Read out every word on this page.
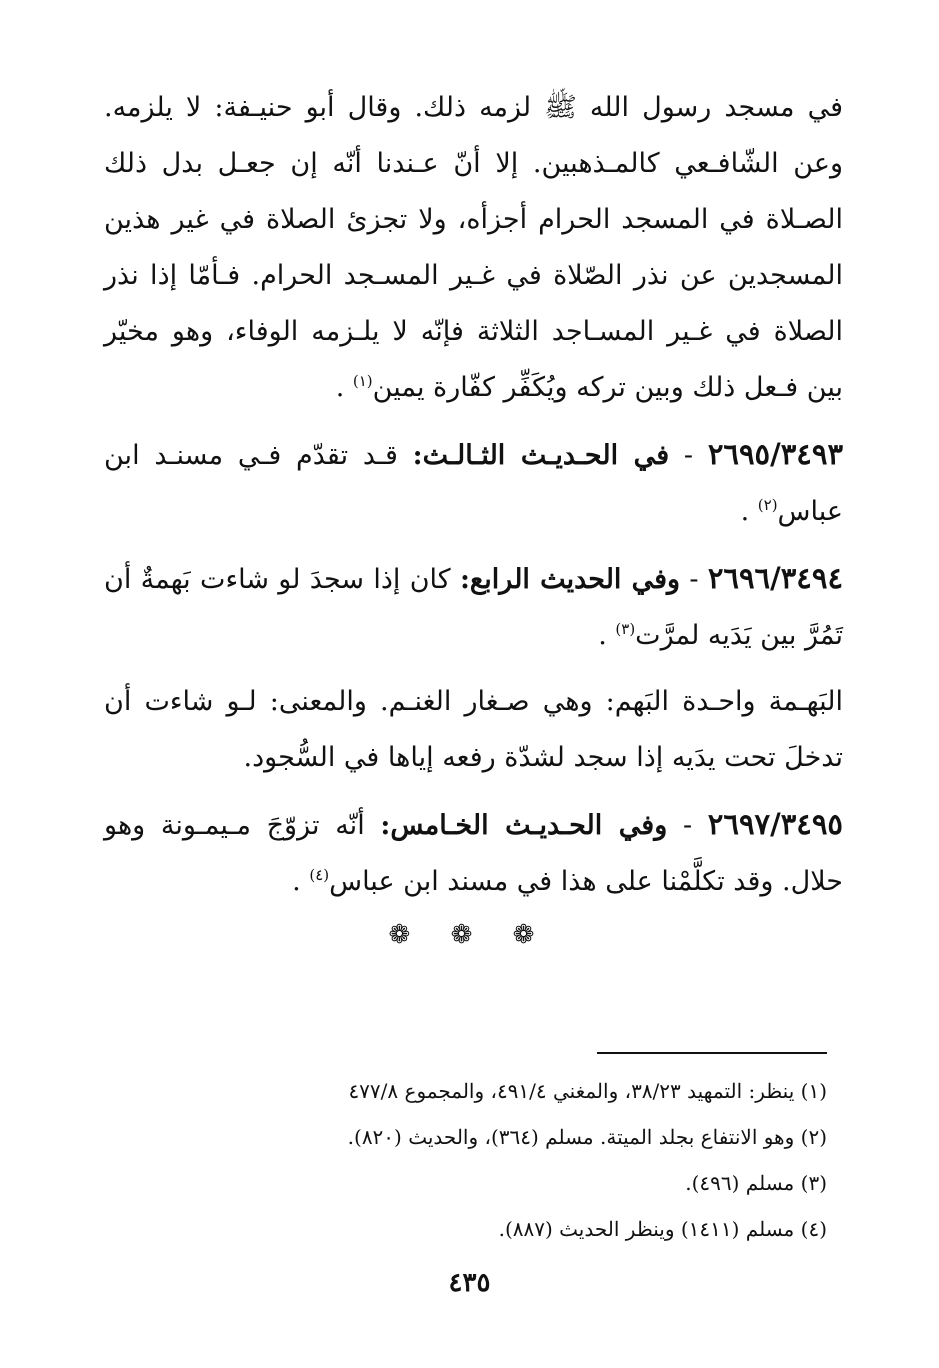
في مسجد رسول الله ﷺ لزمه ذلك. وقال أبو حنيـفة: لا يلزمه. وعن الشّافـعي كالمـذهبين. إلا أنّ عـندنا أنّه إن جعـل بدل ذلك الصـلاة في المسجد الحرام أجزأه، ولا تجزئ الصلاة في غير هذين المسجدين عن نذر الصّلاة في غـير المسـجد الحرام. فـأمّا إذا نذر الصلاة في غـير المسـاجد الثلاثة فإنّه لا يلـزمه الوفاء، وهو مخيّر بين فـعل ذلك وبين تركه ويُكَفِّر كفّارة يمين$^{(١)}$ .

٢٦٩٥/٣٤٩٣ - في الحـديـث الثـالـث: قـد تقدّم فـي مسنـد ابن عباس$^{(٢)}$ .

٢٦٩٦/٣٤٩٤ - وفي الحديث الرابع: كان إذا سجدَ لو شاءت بَهمةٌ أن تَمُرَّ بين يَدَيه لمرَّت$^{(٣)}$ .

البَهـمة واحـدة البَهم: وهي صـغار الغنـم. والمعنى: لـو شاءت أن تدخلَ تحت يدَيه إذا سجد لشدّة رفعه إياها في السُّجود.

٢٦٩٧/٣٤٩٥ - وفي الحـديـث الخـامس: أنّه تزوّجَ مـيمـونة وهو حلال. وقد تكلَّمْنا على هذا في مسند ابن عباس$^{(٤)}$ .

❁ ❁ ❁

(١) ينظر: التمهيد ٣٨/٢٣، والمغني ٤٩١/٤، والمجموع ٤٧٧/٨

(٢) وهو الانتفاع بجلد الميتة. مسلم (٣٦٤)، والحديث (٨٢٠).

(٣) مسلم (٤٩٦).

(٤) مسلم (١٤١١) وينظر الحديث (٨٨٧).

٤٣٥
